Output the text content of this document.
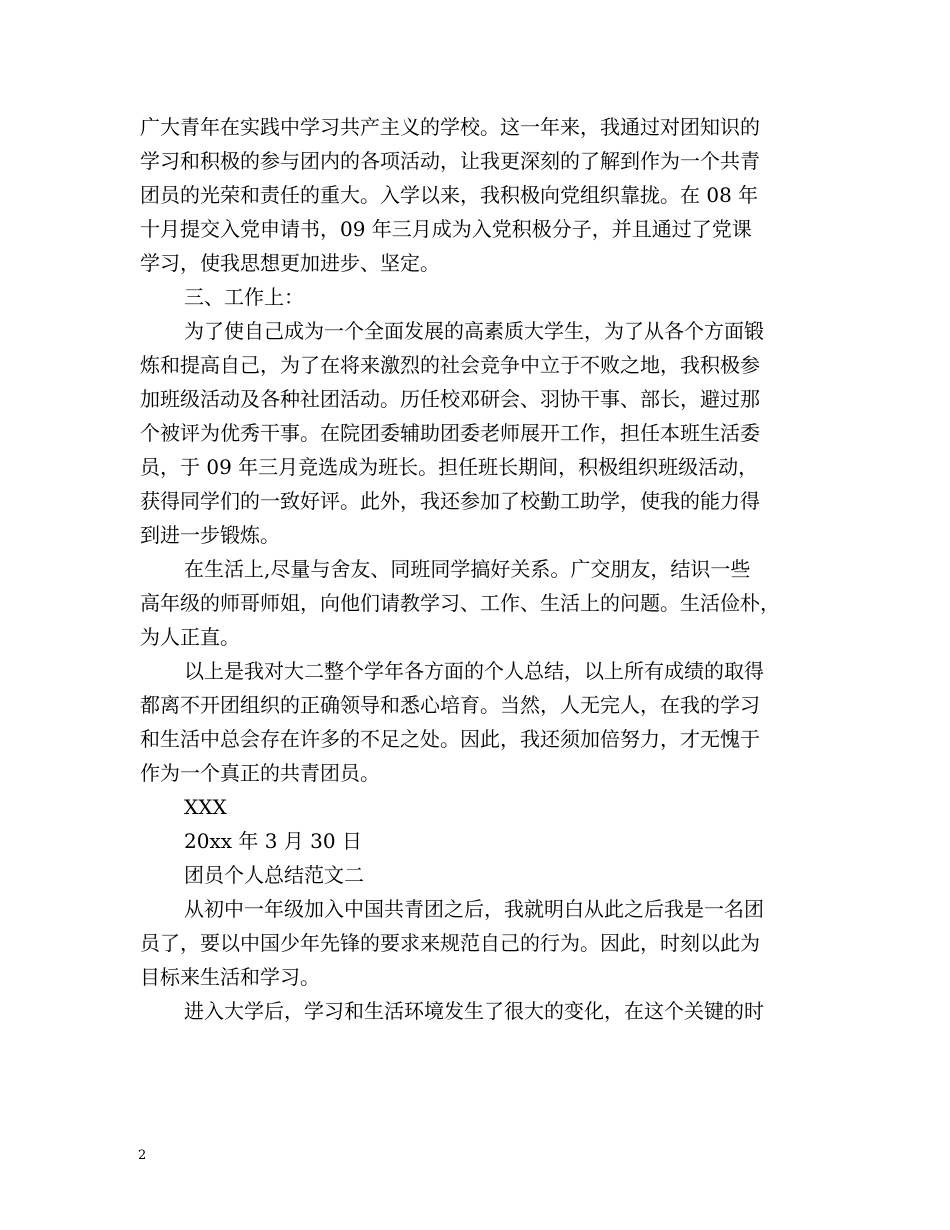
广大青年在实践中学习共产主义的学校。这一年来，我通过对团知识的
学习和积极的参与团内的各项活动，让我更深刻的了解到作为一个共青
团员的光荣和责任的重大。入学以来，我积极向党组织靠拢。在 08 年
十月提交入党申请书，09 年三月成为入党积极分子，并且通过了党课
学习，使我思想更加进步、坚定。

三、工作上：

为了使自己成为一个全面发展的高素质大学生，为了从各个方面锻
炼和提高自己，为了在将来激烈的社会竞争中立于不败之地，我积极参
加班级活动及各种社团活动。历任校邓研会、羽协干事、部长，避过那
个被评为优秀干事。在院团委辅助团委老师展开工作，担任本班生活委
员，于 09 年三月竞选成为班长。担任班长期间，积极组织班级活动，
获得同学们的一致好评。此外，我还参加了校勤工助学，使我的能力得
到进一步锻炼。

在生活上,尽量与舍友、同班同学搞好关系。广交朋友，结识一些
高年级的师哥师姐，向他们请教学习、工作、生活上的问题。生活俭朴，
为人正直。

以上是我对大二整个学年各方面的个人总结，以上所有成绩的取得
都离不开团组织的正确领导和悉心培育。当然，人无完人，在我的学习
和生活中总会存在许多的不足之处。因此，我还须加倍努力，才无愧于
作为一个真正的共青团员。

XXX

20xx 年 3 月 30 日

团员个人总结范文二

从初中一年级加入中国共青团之后，我就明白从此之后我是一名团
员了，要以中国少年先锋的要求来规范自己的行为。因此，时刻以此为
目标来生活和学习。

进入大学后，学习和生活环境发生了很大的变化，在这个关键的时

2
